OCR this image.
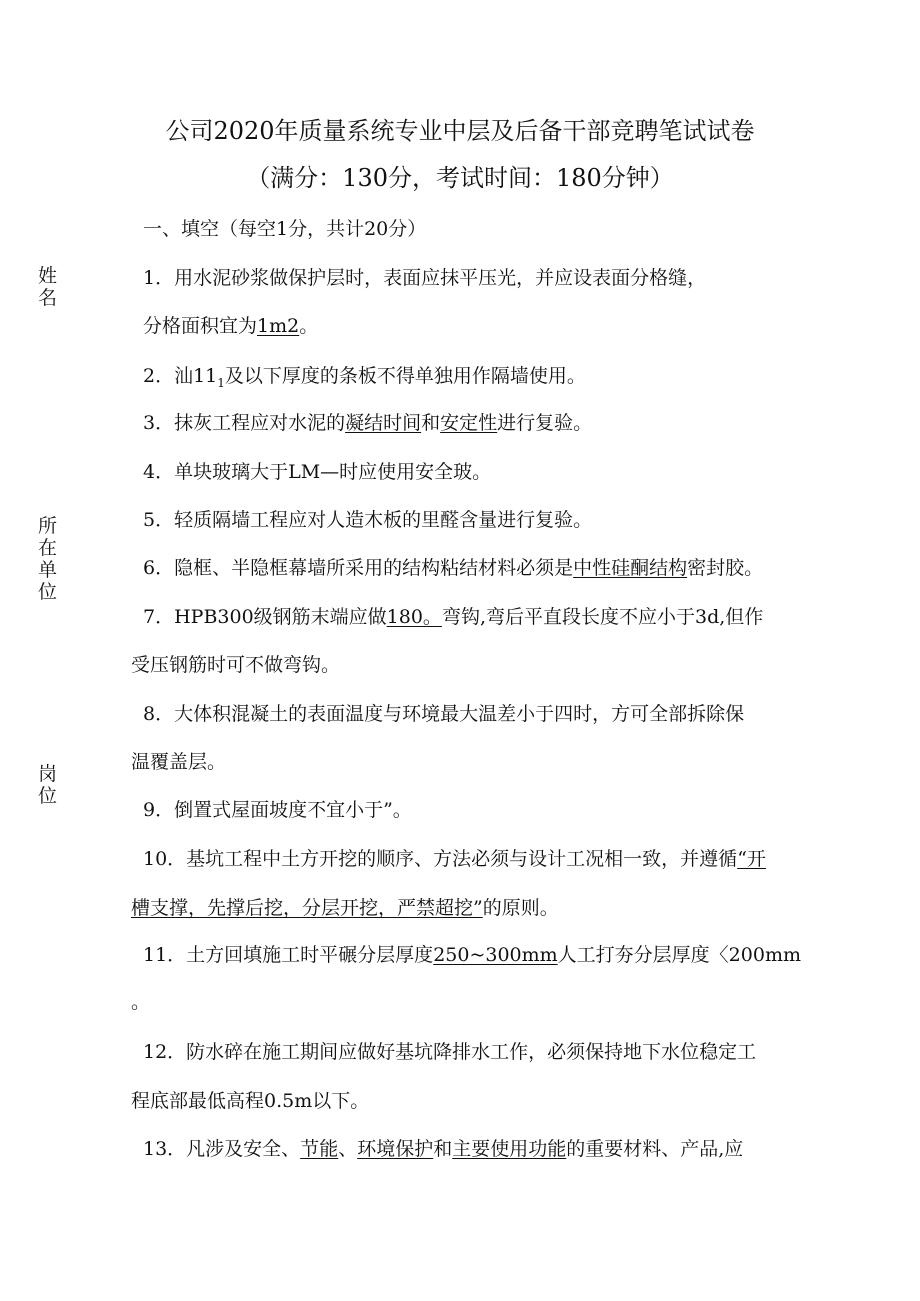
公司2020年质量系统专业中层及后备干部竞聘笔试试卷
（满分：130分，考试时间：180分钟）
姓名
所在单位
岗位
一、填空（每空1分，共计20分）
1．用水泥砂浆做保护层时，表面应抹平压光，并应设表面分格缝，
分格面积宜为1m2。
2．汕$11_1$及以下厚度的条板不得单独用作隔墙使用。
3．抹灰工程应对水泥的凝结时间和安定性进行复验。
4．单块玻璃大于LM—时应使用安全玻。
5．轻质隔墙工程应对人造木板的里醛含量进行复验。
6．隐框、半隐框幕墙所采用的结构粘结材料必须是中性硅酮结构密封胶。
7．HPB300级钢筋末端应做180。弯钩,弯后平直段长度不应小于3d,但作
受压钢筋时可不做弯钩。
8．大体积混凝土的表面温度与环境最大温差小于四时，方可全部拆除保
温覆盖层。
9．倒置式屋面坡度不宜小于”。
10．基坑工程中土方开挖的顺序、方法必须与设计工况相一致，并遵循“开
槽支撑，先撑后挖，分层开挖，严禁超挖”的原则。
11．土方回填施工时平碾分层厚度250~300mm人工打夯分层厚度〈200mm
。
12．防水碎在施工期间应做好基坑降排水工作，必须保持地下水位稳定工
程底部最低高程0.5m以下。
13．凡涉及安全、节能、环境保护和主要使用功能的重要材料、产品,应
